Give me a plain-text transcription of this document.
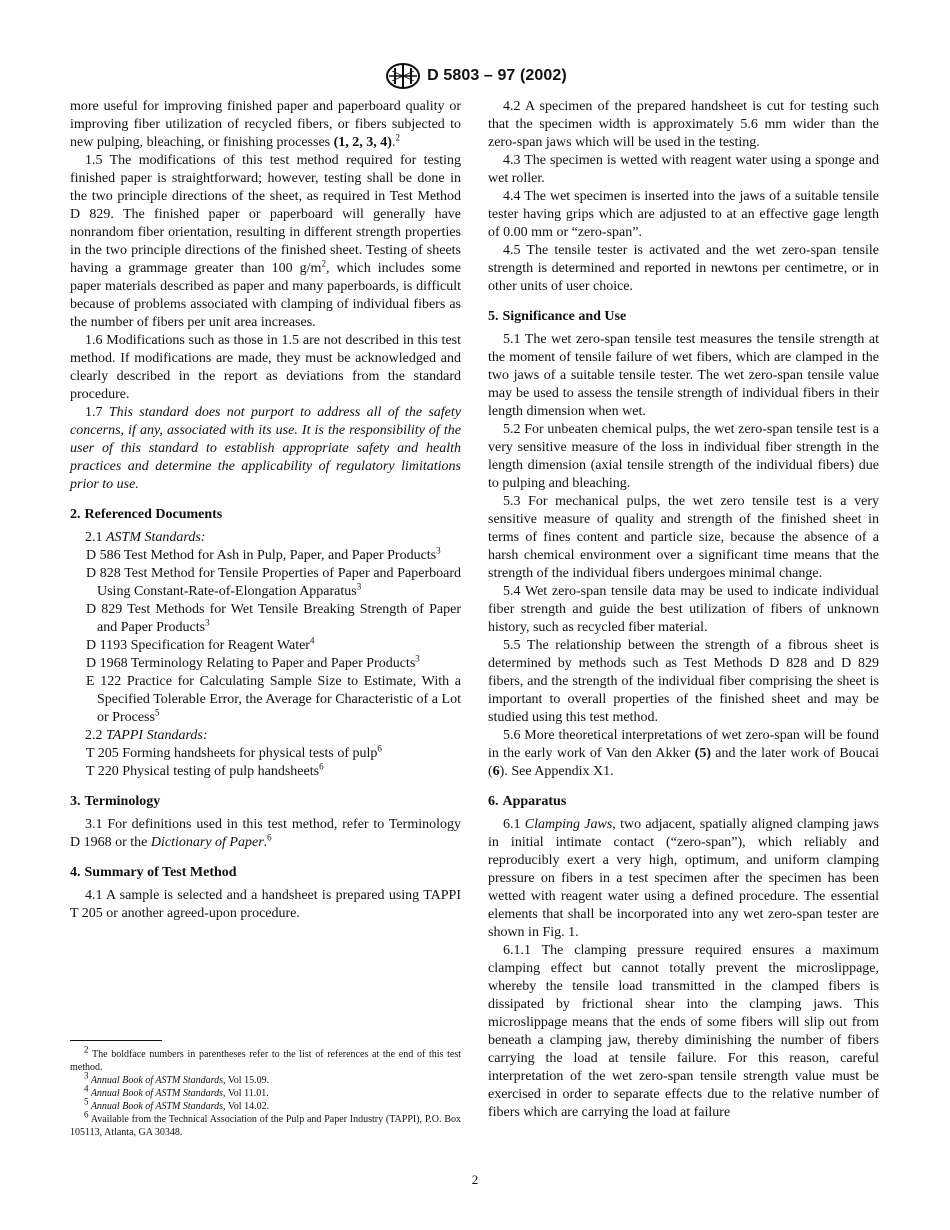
D 5803 – 97 (2002)

more useful for improving finished paper and paperboard quality or improving fiber utilization of recycled fibers, or fibers subjected to new pulping, bleaching, or finishing processes (1, 2, 3, 4).$^2$

1.5 The modifications of this test method required for testing finished paper is straightforward; however, testing shall be done in the two principle directions of the sheet, as required in Test Method D 829. The finished paper or paperboard will generally have nonrandom fiber orientation, resulting in different strength properties in the two principle directions of the finished sheet. Testing of sheets having a grammage greater than 100 $g/m^2$, which includes some paper materials described as paper and many paperboards, is difficult because of problems associated with clamping of individual fibers as the number of fibers per unit area increases.

1.6 Modifications such as those in 1.5 are not described in this test method. If modifications are made, they must be acknowledged and clearly described in the report as deviations from the standard procedure.

1.7 This standard does not purport to address all of the safety concerns, if any, associated with its use. It is the responsibility of the user of this standard to establish appropriate safety and health practices and determine the applicability of regulatory limitations prior to use.

2. Referenced Documents

2.1 ASTM Standards:

D 586 Test Method for Ash in Pulp, Paper, and Paper Products$^3$

D 828 Test Method for Tensile Properties of Paper and Paperboard Using Constant-Rate-of-Elongation Apparatus$^3$

D 829 Test Methods for Wet Tensile Breaking Strength of Paper and Paper Products$^3$

D 1193 Specification for Reagent Water$^4$

D 1968 Terminology Relating to Paper and Paper Products$^3$

E 122 Practice for Calculating Sample Size to Estimate, With a Specified Tolerable Error, the Average for Characteristic of a Lot or Process$^5$

2.2 TAPPI Standards:

T 205 Forming handsheets for physical tests of pulp$^6$

T 220 Physical testing of pulp handsheets$^6$

3. Terminology

3.1 For definitions used in this test method, refer to Terminology D 1968 or the Dictionary of Paper.$^6$

4. Summary of Test Method

4.1 A sample is selected and a handsheet is prepared using TAPPI T 205 or another agreed-upon procedure.

$^2$ The boldface numbers in parentheses refer to the list of references at the end of this test method.

$^3$ Annual Book of ASTM Standards, Vol 15.09.

$^4$ Annual Book of ASTM Standards, Vol 11.01.

$^5$ Annual Book of ASTM Standards, Vol 14.02.

$^6$ Available from the Technical Association of the Pulp and Paper Industry (TAPPI), P.O. Box 105113, Atlanta, GA 30348.

4.2 A specimen of the prepared handsheet is cut for testing such that the specimen width is approximately 5.6 mm wider than the zero-span jaws which will be used in the testing.

4.3 The specimen is wetted with reagent water using a sponge and wet roller.

4.4 The wet specimen is inserted into the jaws of a suitable tensile tester having grips which are adjusted to at an effective gage length of 0.00 mm or “zero-span”.

4.5 The tensile tester is activated and the wet zero-span tensile strength is determined and reported in newtons per centimetre, or in other units of user choice.

5. Significance and Use

5.1 The wet zero-span tensile test measures the tensile strength at the moment of tensile failure of wet fibers, which are clamped in the two jaws of a suitable tensile tester. The wet zero-span tensile value may be used to assess the tensile strength of individual fibers in their length dimension when wet.

5.2 For unbeaten chemical pulps, the wet zero-span tensile test is a very sensitive measure of the loss in individual fiber strength in the length dimension (axial tensile strength of the individual fibers) due to pulping and bleaching.

5.3 For mechanical pulps, the wet zero tensile test is a very sensitive measure of quality and strength of the finished sheet in terms of fines content and particle size, because the absence of a harsh chemical environment over a significant time means that the strength of the individual fibers undergoes minimal change.

5.4 Wet zero-span tensile data may be used to indicate individual fiber strength and guide the best utilization of fibers of unknown history, such as recycled fiber material.

5.5 The relationship between the strength of a fibrous sheet is determined by methods such as Test Methods D 828 and D 829 fibers, and the strength of the individual fiber comprising the sheet is important to overall properties of the finished sheet and may be studied using this test method.

5.6 More theoretical interpretations of wet zero-span will be found in the early work of Van den Akker (5) and the later work of Boucai (6). See Appendix X1.

6. Apparatus

6.1 Clamping Jaws, two adjacent, spatially aligned clamping jaws in initial intimate contact (“zero-span”), which reliably and reproducibly exert a very high, optimum, and uniform clamping pressure on fibers in a test specimen after the specimen has been wetted with reagent water using a defined procedure. The essential elements that shall be incorporated into any wet zero-span tester are shown in Fig. 1.

6.1.1 The clamping pressure required ensures a maximum clamping effect but cannot totally prevent the microslippage, whereby the tensile load transmitted in the clamped fibers is dissipated by frictional shear into the clamping jaws. This microslippage means that the ends of some fibers will slip out from beneath a clamping jaw, thereby diminishing the number of fibers carrying the load at tensile failure. For this reason, careful interpretation of the wet zero-span tensile strength value must be exercised in order to separate effects due to the relative number of fibers which are carrying the load at failure

2
